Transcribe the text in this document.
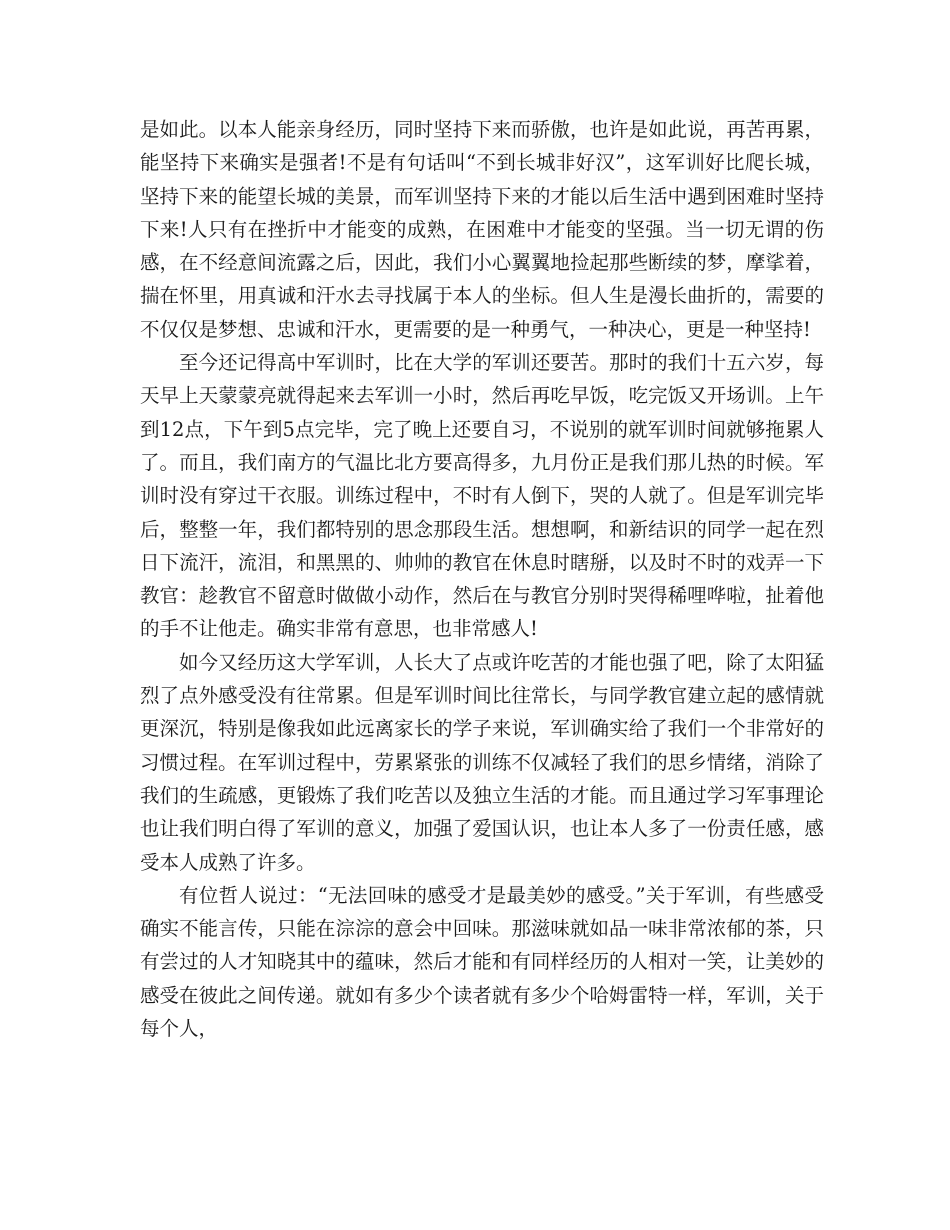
是如此。以本人能亲身经历，同时坚持下来而骄傲，也许是如此说，再苦再累，能坚持下来确实是强者!不是有句话叫“不到长城非好汉”，这军训好比爬长城，坚持下来的能望长城的美景，而军训坚持下来的才能以后生活中遇到困难时坚持下来!人只有在挫折中才能变的成熟，在困难中才能变的坚强。当一切无谓的伤感，在不经意间流露之后，因此，我们小心翼翼地捡起那些断续的梦，摩挲着，揣在怀里，用真诚和汗水去寻找属于本人的坐标。但人生是漫长曲折的，需要的不仅仅是梦想、忠诚和汗水，更需要的是一种勇气，一种决心，更是一种坚持!

至今还记得高中军训时，比在大学的军训还要苦。那时的我们十五六岁，每天早上天蒙蒙亮就得起来去军训一小时，然后再吃早饭，吃完饭又开场训。上午到12点，下午到5点完毕，完了晚上还要自习，不说别的就军训时间就够拖累人了。而且，我们南方的气温比北方要高得多，九月份正是我们那儿热的时候。军训时没有穿过干衣服。训练过程中，不时有人倒下，哭的人就了。但是军训完毕后，整整一年，我们都特别的思念那段生活。想想啊，和新结识的同学一起在烈日下流汗，流泪，和黑黑的、帅帅的教官在休息时瞎掰，以及时不时的戏弄一下教官：趁教官不留意时做做小动作，然后在与教官分别时哭得稀哩哗啦，扯着他的手不让他走。确实非常有意思，也非常感人!

如今又经历这大学军训，人长大了点或许吃苦的才能也强了吧，除了太阳猛烈了点外感受没有往常累。但是军训时间比往常长，与同学教官建立起的感情就更深沉，特别是像我如此远离家长的学子来说，军训确实给了我们一个非常好的习惯过程。在军训过程中，劳累紧张的训练不仅减轻了我们的思乡情绪，消除了我们的生疏感，更锻炼了我们吃苦以及独立生活的才能。而且通过学习军事理论也让我们明白得了军训的意义，加强了爱国认识，也让本人多了一份责任感，感受本人成熟了许多。

有位哲人说过：“无法回味的感受才是最美妙的感受。”关于军训，有些感受确实不能言传，只能在淙淙的意会中回味。那滋味就如品一味非常浓郁的茶，只有尝过的人才知晓其中的蕴味，然后才能和有同样经历的人相对一笑，让美妙的感受在彼此之间传递。就如有多少个读者就有多少个哈姆雷特一样，军训，关于每个人，
